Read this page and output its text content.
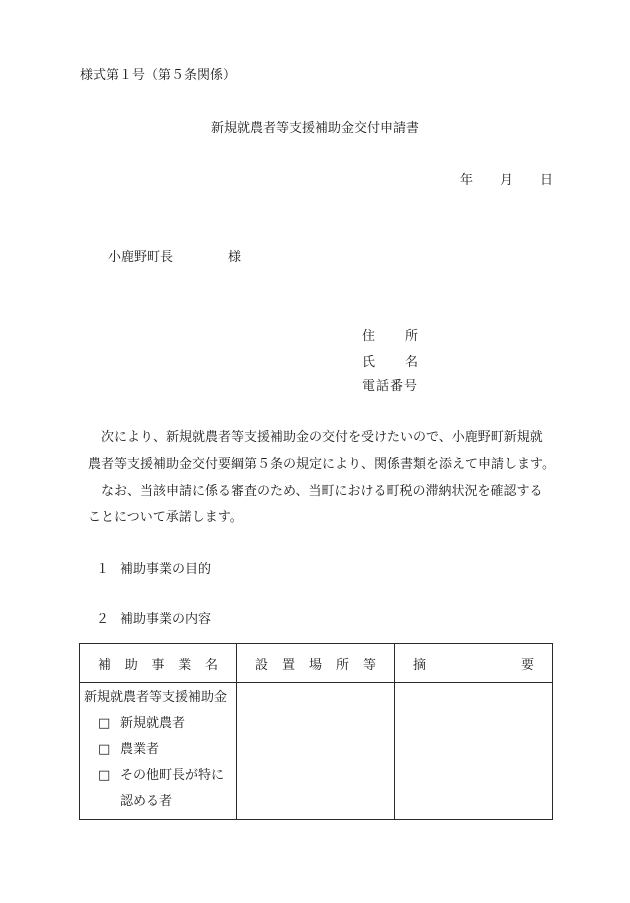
様式第１号（第５条関係）
新規就農者等支援補助金交付申請書
年 月 日
小鹿野町長	様
住所
氏名
電話番号
　次により、新規就農者等支援補助金の交付を受けたいので、小鹿野町新規就
農者等支援補助金交付要綱第５条の規定により、関係書類を添えて申請します。
　なお、当該申請に係る審査のため、当町における町税の滞納状況を確認する
ことについて承諾します。
１ 補助事業の目的
２ 補助事業の内容
補 助 事 業 名	設 置 場 所 等	摘 要

新規就農者等支援補助金
□ 新規就農者
□ 農業者
□ その他町長が特に
認める者		
